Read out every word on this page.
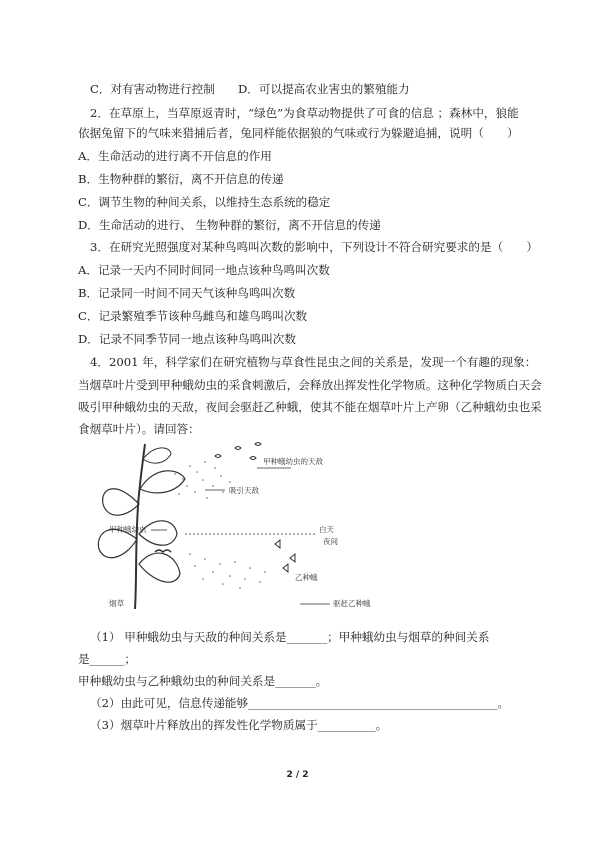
C．对有害动物进行控制　　D．可以提高农业害虫的繁殖能力
2．在草原上，当草原返青时，“绿色”为食草动物提供了可食的信息 ；森林中，狼能
依据兔留下的气味来猎捕后者，兔同样能依据狼的气味或行为躲避追捕，说明（　　）
A．生命活动的进行离不开信息的作用
B．生物种群的繁衍，离不开信息的传递
C．调节生物的种间关系，以维持生态系统的稳定
D．生命活动的进行、 生物种群的繁衍，离不开信息的传递
3．在研究光照强度对某种鸟鸣叫次数的影响中，下列设计不符合研究要求的是（　　）
A．记录一天内不同时间同一地点该种鸟鸣叫次数
B．记录同一时间不同天气该种鸟鸣叫次数
C．记录繁殖季节该种鸟雌鸟和雄鸟鸣叫次数
D．记录不同季节同一地点该种鸟鸣叫次数
4．2001 年，科学家们在研究植物与草食性昆虫之间的关系是，发现一个有趣的现象：
当烟草叶片受到甲种蛾幼虫的采食刺激后，会释放出挥发性化学物质。这种化学物质白天会
吸引甲种蛾幼虫的天敌，夜间会驱赶乙种蛾，使其不能在烟草叶片上产卵（乙种蛾幼虫也采
食烟草叶片）。请回答：
甲种蛾幼虫的天敌
吸引天敌
甲种蛾幼虫	白天
夜间
乙种蛾
驱赶乙种蛾
烟草
（1） 甲种蛾幼虫与天敌的种间关系是_______；甲种蛾幼虫与烟草的种间关系
是______；
甲种蛾幼虫与乙种蛾幼虫的种间关系是_______。
（2）由此可见，信息传递能够___________________________________________。
（3）烟草叶片释放出的挥发性化学物质属于__________。
2 / 2
